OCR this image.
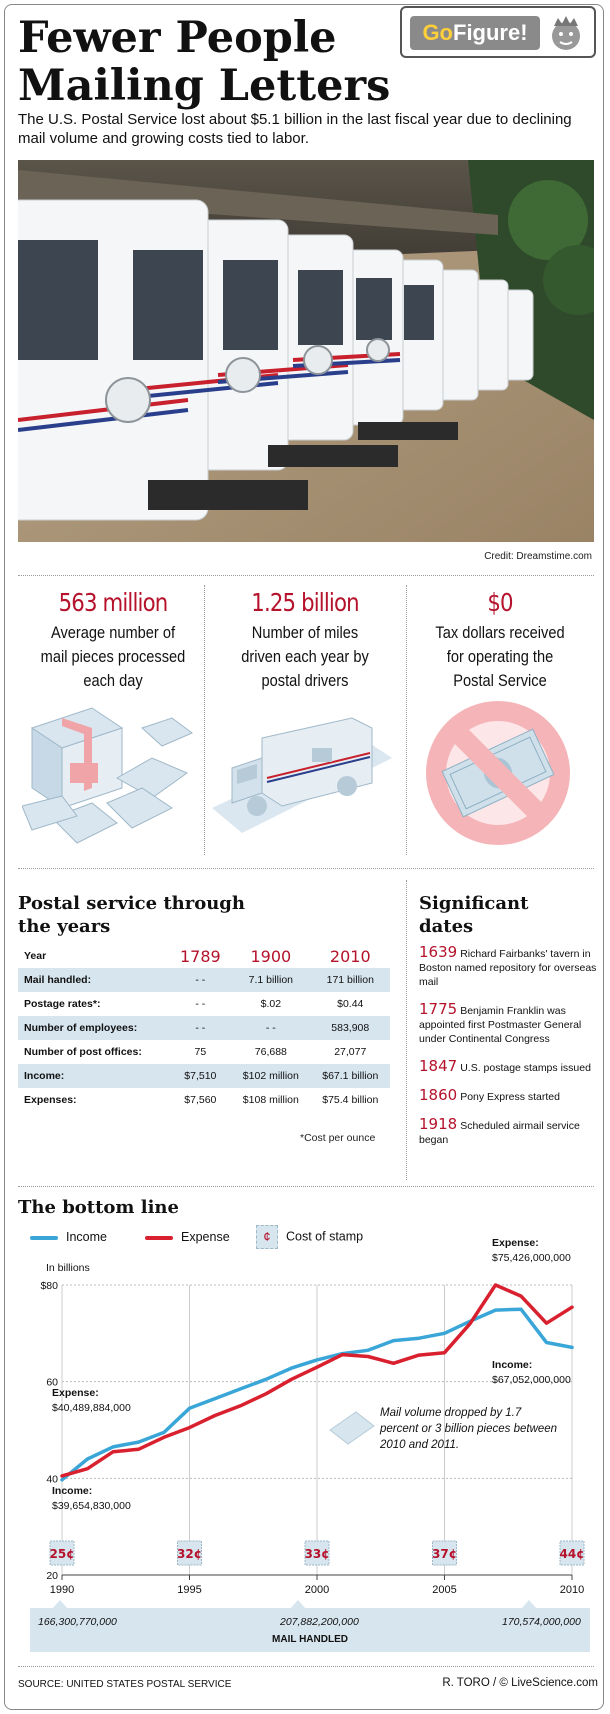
Fewer People
Mailing Letters
GoFigure!
The U.S. Postal Service lost about $5.1 billion in the last fiscal year due to declining mail volume and growing costs tied to labor.
Credit: Dreamstime.com
563 million
Average number of
mail pieces processed
each day
1.25 billion
Number of miles
driven each year by
postal drivers
$0
Tax dollars received
for operating the
Postal Service
Postal service through
the years
Year	1789	1900	2010
Mail handled:	- -	7.1 billion	171 billion
Postage rates*:	- -	$.02	$0.44
Number of employees:	- -	- -	583,908
Number of post offices:	75	76,688	27,077
Income:	$7,510	$102 million	$67.1 billion
Expenses:	$7,560	$108 million	$75.4 billion
*Cost per ounce
Significant
dates
1639 Richard Fairbanks' tavern in Boston named repository for overseas mail
1775 Benjamin Franklin was appointed first Postmaster General under Continental Congress
1847 U.S. postage stamps issued
1860 Pony Express started
1918 Scheduled airmail service began
The bottom line
Income	Expense	¢ Cost of stamp
In billions
20
40
60
$80
1990	1995	2000	2005	2010
25¢	32¢	33¢	37¢	44¢
Expense:
$75,426,000,000
Income:
$67,052,000,000
Expense:
$40,489,884,000
Income:
$39,654,830,000
Mail volume dropped by 1.7 percent or 3 billion pieces between 2010 and 2011.
166,300,770,000	207,882,200,000	170,574,000,000
MAIL HANDLED
SOURCE: UNITED STATES POSTAL SERVICE	R. TORO / © LiveScience.com
